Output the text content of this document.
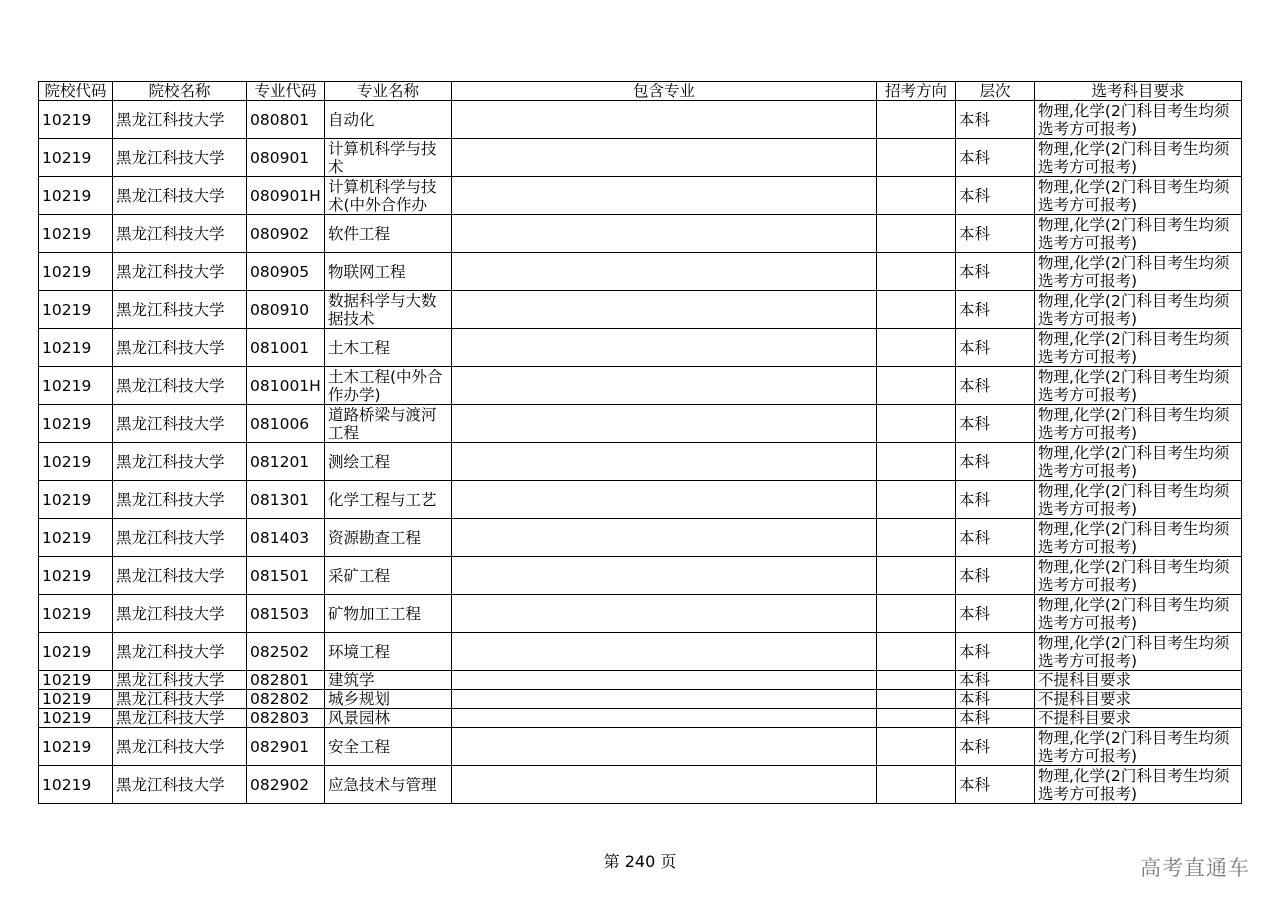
院校代码	院校名称	专业代码	专业名称	包含专业	招考方向	层次	选考科目要求
10219	黑龙江科技大学	080801	自动化			本科	物理,化学(2门科目考生均须选考方可报考)
10219	黑龙江科技大学	080901	计算机科学与技术			本科	物理,化学(2门科目考生均须选考方可报考)
10219	黑龙江科技大学	080901H	计算机科学与技术(中外合作办			本科	物理,化学(2门科目考生均须选考方可报考)
10219	黑龙江科技大学	080902	软件工程			本科	物理,化学(2门科目考生均须选考方可报考)
10219	黑龙江科技大学	080905	物联网工程			本科	物理,化学(2门科目考生均须选考方可报考)
10219	黑龙江科技大学	080910	数据科学与大数据技术			本科	物理,化学(2门科目考生均须选考方可报考)
10219	黑龙江科技大学	081001	土木工程			本科	物理,化学(2门科目考生均须选考方可报考)
10219	黑龙江科技大学	081001H	土木工程(中外合作办学)			本科	物理,化学(2门科目考生均须选考方可报考)
10219	黑龙江科技大学	081006	道路桥梁与渡河工程			本科	物理,化学(2门科目考生均须选考方可报考)
10219	黑龙江科技大学	081201	测绘工程			本科	物理,化学(2门科目考生均须选考方可报考)
10219	黑龙江科技大学	081301	化学工程与工艺			本科	物理,化学(2门科目考生均须选考方可报考)
10219	黑龙江科技大学	081403	资源勘查工程			本科	物理,化学(2门科目考生均须选考方可报考)
10219	黑龙江科技大学	081501	采矿工程			本科	物理,化学(2门科目考生均须选考方可报考)
10219	黑龙江科技大学	081503	矿物加工工程			本科	物理,化学(2门科目考生均须选考方可报考)
10219	黑龙江科技大学	082502	环境工程			本科	物理,化学(2门科目考生均须选考方可报考)
10219	黑龙江科技大学	082801	建筑学			本科	不提科目要求
10219	黑龙江科技大学	082802	城乡规划			本科	不提科目要求
10219	黑龙江科技大学	082803	风景园林			本科	不提科目要求
10219	黑龙江科技大学	082901	安全工程			本科	物理,化学(2门科目考生均须选考方可报考)
10219	黑龙江科技大学	082902	应急技术与管理			本科	物理,化学(2门科目考生均须选考方可报考)
第 240 页	高考直通车
